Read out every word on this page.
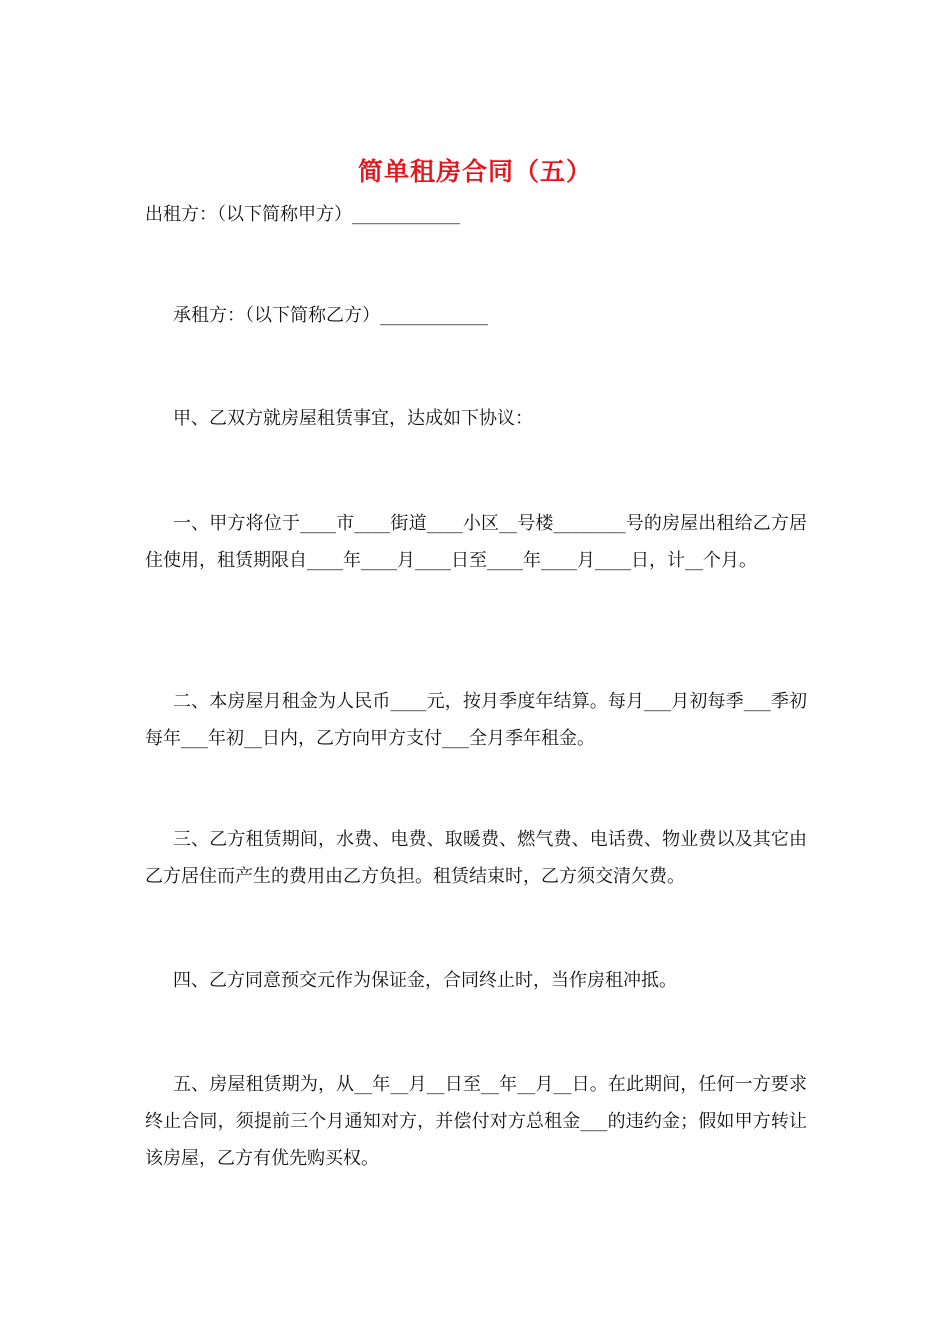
简单租房合同（五）

出租方：（以下简称甲方）____________

承租方：（以下简称乙方）____________

甲、乙双方就房屋租赁事宜，达成如下协议：

一、甲方将位于____市____街道____小区__号楼________号的房屋出租给乙方居住使用，租赁期限自____年____月____日至____年____月____日，计__个月。

二、本房屋月租金为人民币____元，按月季度年结算。每月___月初每季___季初每年___年初__日内，乙方向甲方支付___全月季年租金。

三、乙方租赁期间，水费、电费、取暖费、燃气费、电话费、物业费以及其它由乙方居住而产生的费用由乙方负担。租赁结束时，乙方须交清欠费。

四、乙方同意预交元作为保证金，合同终止时，当作房租冲抵。

五、房屋租赁期为，从__年__月__日至__年__月__日。在此期间，任何一方要求终止合同，须提前三个月通知对方，并偿付对方总租金___的违约金；假如甲方转让该房屋，乙方有优先购买权。
